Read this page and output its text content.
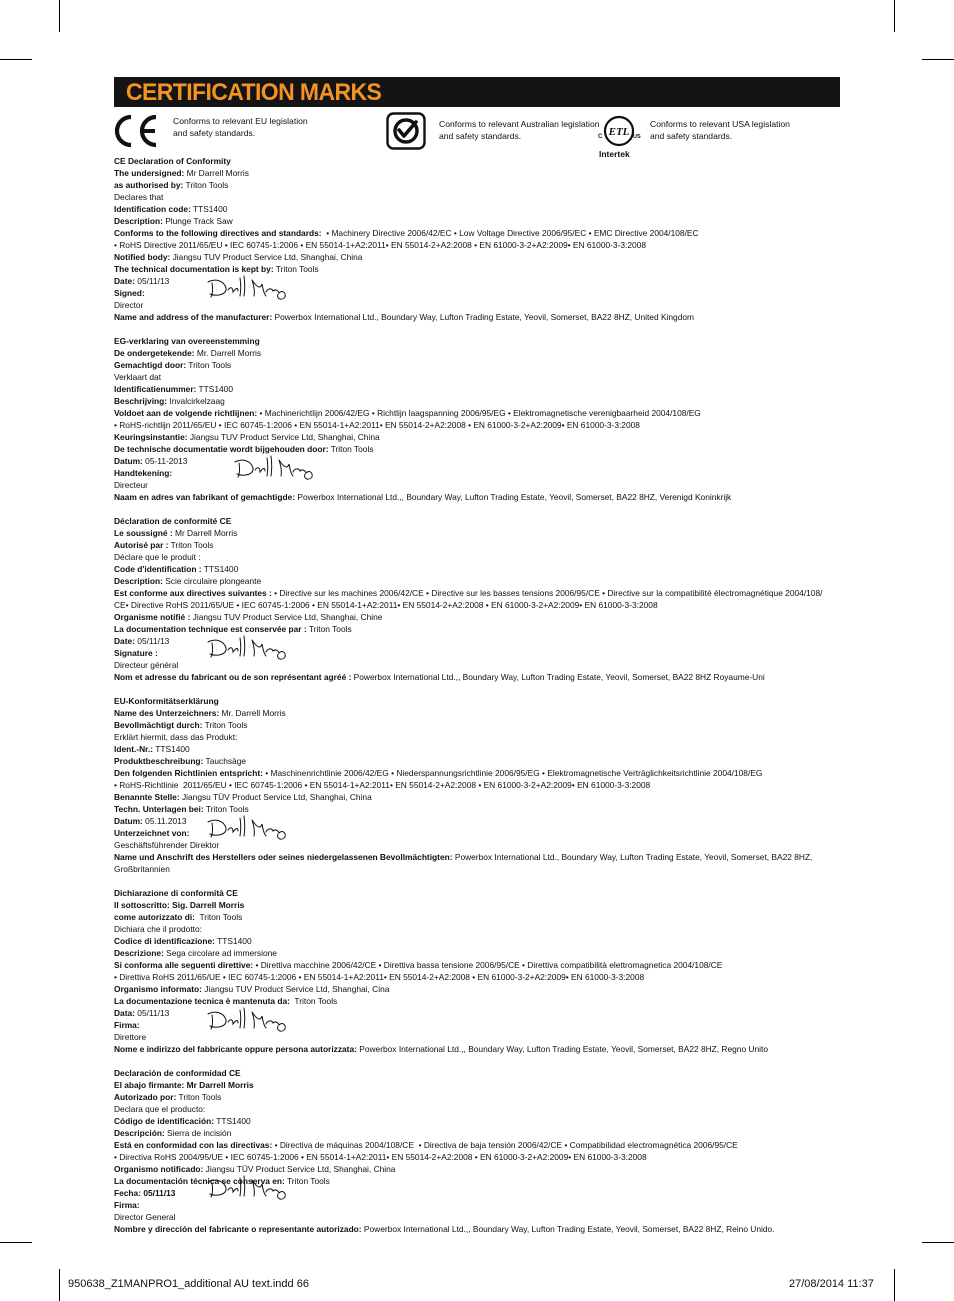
CERTIFICATION MARKS
Conforms to relevant EU legislation
and safety standards.
Conforms to relevant Australian legislation
and safety standards.	ETL
C	US
Intertek
Conforms to relevant USA legislation
and safety standards.
CE Declaration of Conformity
The undersigned: Mr Darrell Morris
as authorised by: Triton Tools
Declares that
Identification code: TTS1400
Description: Plunge Track Saw
Conforms to the following directives and standards:  • Machinery Directive 2006/42/EC • Low Voltage Directive 2006/95/EC • EMC Directive 2004/108/EC
• RoHS Directive 2011/65/EU • IEC 60745-1:2006 • EN 55014-1+A2:2011• EN 55014-2+A2:2008 • EN 61000-3-2+A2:2009• EN 61000-3-3:2008
Notified body: Jiangsu TUV Product Service Ltd, Shanghai, China
The technical documentation is kept by: Triton Tools
Date: 05/11/13
Signed:
Director
Name and address of the manufacturer: Powerbox International Ltd., Boundary Way, Lufton Trading Estate, Yeovil, Somerset, BA22 8HZ, United Kingdom
EG-verklaring van overeenstemming
De ondergetekende: Mr. Darrell Morris
Gemachtigd door: Triton Tools
Verklaart dat
Identificatienummer: TTS1400
Beschrijving: Invalcirkelzaag
Voldoet aan de volgende richtlijnen: • Machinerichtlijn 2006/42/EG • Richtlijn laagspanning 2006/95/EG • Elektromagnetische verenigbaarheid 2004/108/EG
• RoHS-richtlijn 2011/65/EU • IEC 60745-1:2006 • EN 55014-1+A2:2011• EN 55014-2+A2:2008 • EN 61000-3-2+A2:2009• EN 61000-3-3:2008
Keuringsinstantie: Jiangsu TUV Product Service Ltd, Shanghai, China
De technische documentatie wordt bijgehouden door: Triton Tools
Datum: 05-11-2013
Handtekening:
Directeur
Naam en adres van fabrikant of gemachtigde: Powerbox International Ltd.,, Boundary Way, Lufton Trading Estate, Yeovil, Somerset, BA22 8HZ, Verenigd Koninkrijk
Déclaration de conformité CE
Le soussigné : Mr Darrell Morris
Autorisé par : Triton Tools
Déclare que le produit :
Code d'identification : TTS1400
Description: Scie circulaire plongeante
Est conforme aux directives suivantes : • Directive sur les machines 2006/42/CE • Directive sur les basses tensions 2006/95/CE • Directive sur la compatibilité électromagnétique 2004/108/
CE• Directive RoHS 2011/65/UE • IEC 60745-1:2006 • EN 55014-1+A2:2011• EN 55014-2+A2:2008 • EN 61000-3-2+A2:2009• EN 61000-3-3:2008
Organisme notifié : Jiangsu TUV Product Service Ltd, Shanghai, Chine
La documentation technique est conservée par : Triton Tools
Date: 05/11/13
Signature :
Directeur général
Nom et adresse du fabricant ou de son représentant agréé : Powerbox International Ltd.,, Boundary Way, Lufton Trading Estate, Yeovil, Somerset, BA22 8HZ Royaume-Uni
EU-Konformitätserklärung
Name des Unterzeichners: Mr. Darrell Morris
Bevollmächtigt durch: Triton Tools
Erklärt hiermit, dass das Produkt:
Ident.-Nr.: TTS1400
Produktbeschreibung: Tauchsäge
Den folgenden Richtlinien entspricht: • Maschinenrichtlinie 2006/42/EG • Niederspannungsrichtlinie 2006/95/EG • Elektromagnetische Verträglichkeitsrichtlinie 2004/108/EG
• RoHS-Richtlinie  2011/65/EU • IEC 60745-1:2006 • EN 55014-1+A2:2011• EN 55014-2+A2:2008 • EN 61000-3-2+A2:2009• EN 61000-3-3:2008
Benannte Stelle: Jiangsu TÜV Product Service Ltd, Shanghai, China
Techn. Unterlagen bei: Triton Tools
Datum: 05.11.2013
Unterzeichnet von:
Geschäftsführender Direktor
Name und Anschrift des Herstellers oder seines niedergelassenen Bevollmächtigten: Powerbox International Ltd., Boundary Way, Lufton Trading Estate, Yeovil, Somerset, BA22 8HZ,
Großbritannien
Dichiarazione di conformità CE
Il sottoscritto: Sig. Darrell Morris
come autorizzato di:  Triton Tools
Dichiara che il prodotto:
Codice di identificazione: TTS1400
Descrizione: Sega circolare ad immersione
Si conforma alle seguenti direttive: • Direttiva macchine 2006/42/CE • Direttiva bassa tensione 2006/95/CE • Direttiva compatibilità elettromagnetica 2004/108/CE
• Direttiva RoHS 2011/65/UE • IEC 60745-1:2006 • EN 55014-1+A2:2011• EN 55014-2+A2:2008 • EN 61000-3-2+A2:2009• EN 61000-3-3:2008
Organismo informato: Jiangsu TUV Product Service Ltd, Shanghai, Cina
La documentazione tecnica è mantenuta da:  Triton Tools
Data: 05/11/13
Firma:
Direttore
Nome e indirizzo del fabbricante oppure persona autorizzata: Powerbox International Ltd.,, Boundary Way, Lufton Trading Estate, Yeovil, Somerset, BA22 8HZ, Regno Unito
Declaración de conformidad CE
El abajo firmante: Mr Darrell Morris
Autorizado por: Triton Tools
Declara que el producto:
Código de identificación: TTS1400
Descripción: Sierra de incisión
Está en conformidad con las directivas: • Directiva de máquinas 2004/108/CE  • Directiva de baja tensión 2006/42/CE • Compatibilidad electromagnética 2006/95/CE
• Directiva RoHS 2004/95/UE • IEC 60745-1:2006 • EN 55014-1+A2:2011• EN 55014-2+A2:2008 • EN 61000-3-2+A2:2009• EN 61000-3-3:2008
Organismo notificado: Jiangsu TÜV Product Service Ltd, Shanghai, China
La documentación técnica se conserva en: Triton Tools
Fecha: 05/11/13
Firma:
Director General
Nombre y dirección del fabricante o representante autorizado: Powerbox International Ltd.,, Boundary Way, Lufton Trading Estate, Yeovil, Somerset, BA22 8HZ, Reino Unido.
950638_Z1MANPRO1_additional AU text.indd 66	27/08/2014 11:37
